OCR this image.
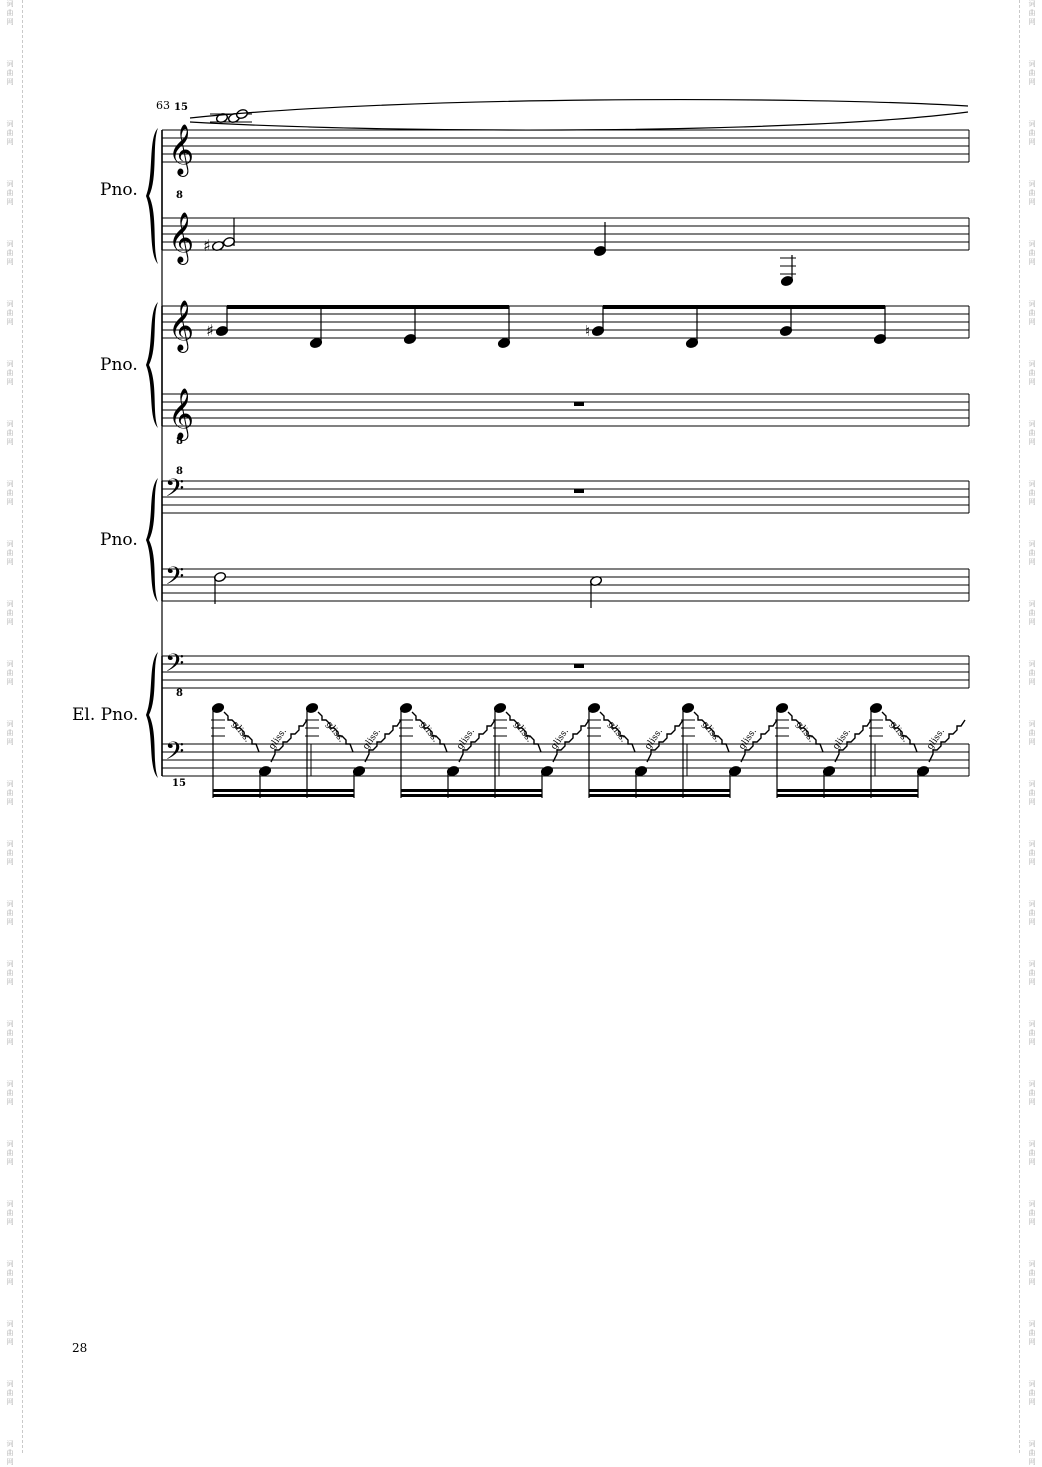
𝄞
𝄞
𝄞
𝄞
𝄢
𝄢
𝄢
𝄢
♯
♯	♮
gliss. gliss.	gliss. gliss.	gliss. gliss.	gliss. gliss.	gliss. gliss.	gliss. gliss.	gliss. gliss.	gliss. gliss.
Pno.
Pno.
Pno.
El. Pno.
63 15
8
8
8
8
15
28
词
曲
网
词
曲
网
词
曲
网
词
曲
网
词
曲
网
词
曲
网
词
曲
网
词
曲
网
词
曲
网
词
曲
网
词
曲
网
词
曲
网
词
曲
网
词
曲
网
词
曲
网
词
曲
网
词
曲
网
词
曲
网
词
曲
网
词
曲
网
词
曲
网
词
曲
网
词
曲
网
词
曲
网
词
曲
网
词
曲
网
词
曲
网
词
曲
网
词
曲
网
词
曲
网
词
曲
网
词
曲
网
词
曲
网
词
曲
网
词
曲
网
词
曲
网
词
曲
网
词
曲
网
词
曲
网
词
曲
网
词
曲
网
词
曲
网
词
曲
网
词
曲
网
词
曲
网
词
曲
网
词
曲
网
词
曲
网
词
曲
网
词
曲
网
